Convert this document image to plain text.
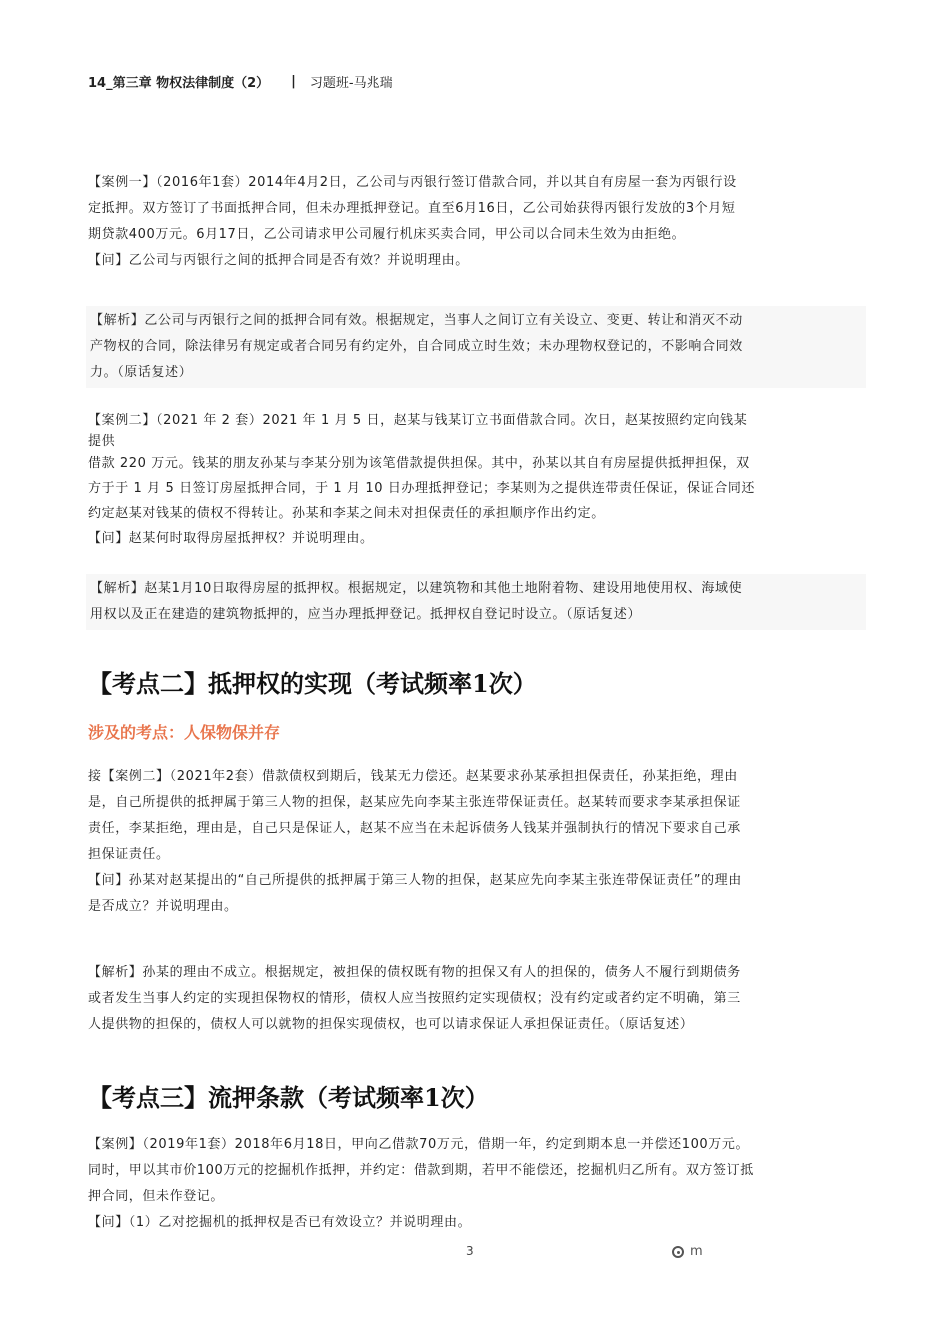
14_第三章 物权法律制度（2） | 习题班-马兆瑞

【案例一】（2016年1套）2014年4月2日，乙公司与丙银行签订借款合同，并以其自有房屋一套为丙银行设

定抵押。双方签订了书面抵押合同，但未办理抵押登记。直至6月16日，乙公司始获得丙银行发放的3个月短

期贷款400万元。6月17日，乙公司请求甲公司履行机床买卖合同，甲公司以合同未生效为由拒绝。

【问】乙公司与丙银行之间的抵押合同是否有效？并说明理由。

【解析】乙公司与丙银行之间的抵押合同有效。根据规定，当事人之间订立有关设立、变更、转让和消灭不动

产物权的合同，除法律另有规定或者合同另有约定外，自合同成立时生效；未办理物权登记的，不影响合同效

力。（原话复述）

【案例二】（2021 年 2 套）2021 年 1 月 5 日，赵某与钱某订立书面借款合同。次日，赵某按照约定向钱某

提供

借款 220 万元。钱某的朋友孙某与李某分别为该笔借款提供担保。其中，孙某以其自有房屋提供抵押担保，双

方于于 1 月 5 日签订房屋抵押合同，于 1 月 10 日办理抵押登记；李某则为之提供连带责任保证，保证合同还

约定赵某对钱某的债权不得转让。孙某和李某之间未对担保责任的承担顺序作出约定。

【问】赵某何时取得房屋抵押权？并说明理由。

【解析】赵某1月10日取得房屋的抵押权。根据规定，以建筑物和其他土地附着物、建设用地使用权、海域使

用权以及正在建造的建筑物抵押的，应当办理抵押登记。抵押权自登记时设立。（原话复述）

【考点二】抵押权的实现（考试频率1次）
涉及的考点：人保物保并存

接【案例二】（2021年2套）借款债权到期后，钱某无力偿还。赵某要求孙某承担担保责任，孙某拒绝，理由

是，自己所提供的抵押属于第三人物的担保，赵某应先向李某主张连带保证责任。赵某转而要求李某承担保证

责任，李某拒绝，理由是，自己只是保证人，赵某不应当在未起诉债务人钱某并强制执行的情况下要求自己承

担保证责任。

【问】孙某对赵某提出的“自己所提供的抵押属于第三人物的担保，赵某应先向李某主张连带保证责任”的理由

是否成立？并说明理由。

【解析】孙某的理由不成立。根据规定，被担保的债权既有物的担保又有人的担保的，债务人不履行到期债务

或者发生当事人约定的实现担保物权的情形，债权人应当按照约定实现债权；没有约定或者约定不明确，第三

人提供物的担保的，债权人可以就物的担保实现债权，也可以请求保证人承担保证责任。（原话复述）

【考点三】流押条款（考试频率1次）

【案例】（2019年1套）2018年6月18日，甲向乙借款70万元，借期一年，约定到期本息一并偿还100万元。

同时，甲以其市价100万元的挖掘机作抵押，并约定：借款到期，若甲不能偿还，挖掘机归乙所有。双方签订抵

押合同，但未作登记。

【问】（1）乙对挖掘机的抵押权是否已有效设立？并说明理由。

3	m
